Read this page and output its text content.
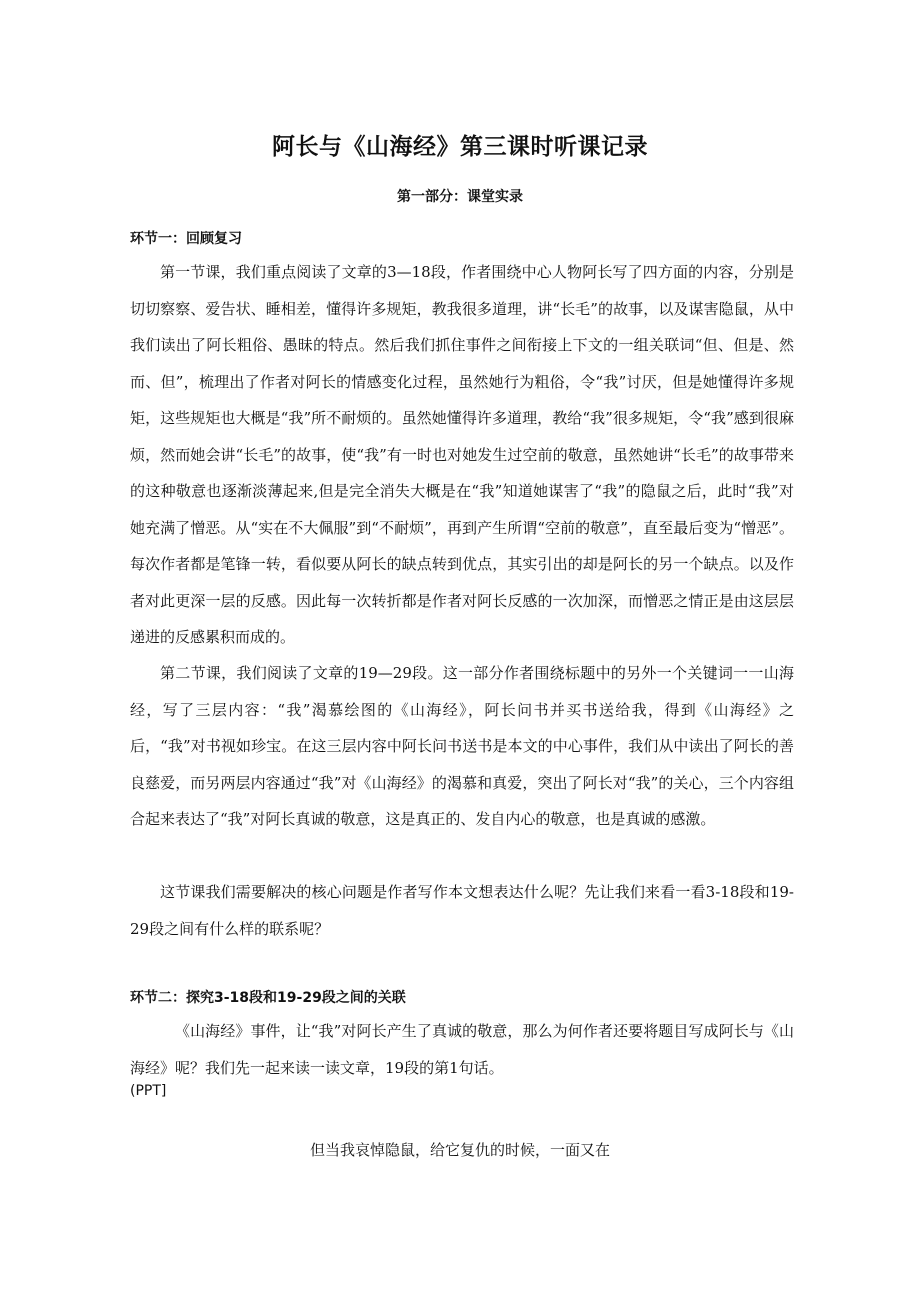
阿长与《山海经》第三课时听课记录
第一部分：课堂实录
环节一：回顾复习

第一节课，我们重点阅读了文章的3—18段，作者围绕中心人物阿长写了四方面的内容，分别是切切察察、爱告状、睡相差，懂得许多规矩，教我很多道理，讲“长毛”的故事，以及谋害隐鼠，从中我们读出了阿长粗俗、愚昧的特点。然后我们抓住事件之间衔接上下文的一组关联词“但、但是、然而、但”，梳理出了作者对阿长的情感变化过程，虽然她行为粗俗，令“我”讨厌，但是她懂得许多规矩，这些规矩也大概是“我”所不耐烦的。虽然她懂得许多道理，教给“我”很多规矩，令“我”感到很麻烦，然而她会讲“长毛”的故事，使“我”有一时也对她发生过空前的敬意，虽然她讲“长毛”的故事带来的这种敬意也逐渐淡薄起来,但是完全消失大概是在“我”知道她谋害了“我”的隐鼠之后，此时“我”对她充满了憎恶。从“实在不大佩服”到“不耐烦”，再到产生所谓“空前的敬意”，直至最后变为“憎恶”。每次作者都是笔锋一转，看似要从阿长的缺点转到优点，其实引出的却是阿长的另一个缺点。以及作者对此更深一层的反感。因此每一次转折都是作者对阿长反感的一次加深，而憎恶之情正是由这层层递进的反感累积而成的。

第二节课，我们阅读了文章的19—29段。这一部分作者围绕标题中的另外一个关键词一一山海经，写了三层内容：“我”渴慕绘图的《山海经》，阿长问书并买书送给我，得到《山海经》之后，“我”对书视如珍宝。在这三层内容中阿长问书送书是本文的中心事件，我们从中读出了阿长的善良慈爱，而另两层内容通过“我”对《山海经》的渴慕和真爱，突出了阿长对“我”的关心，三个内容组合起来表达了“我”对阿长真诚的敬意，这是真正的、发自内心的敬意，也是真诚的感激。

这节课我们需要解决的核心问题是作者写作本文想表达什么呢？先让我们来看一看3-18段和19-29段之间有什么样的联系呢？

环节二：探究3-18段和19-29段之间的关联

《山海经》事件，让“我”对阿长产生了真诚的敬意，那么为何作者还要将题目写成阿长与《山海经》呢？我们先一起来读一读文章，19段的第1句话。

(PPT]
但当我哀悼隐鼠，给它复仇的时候，一面又在
